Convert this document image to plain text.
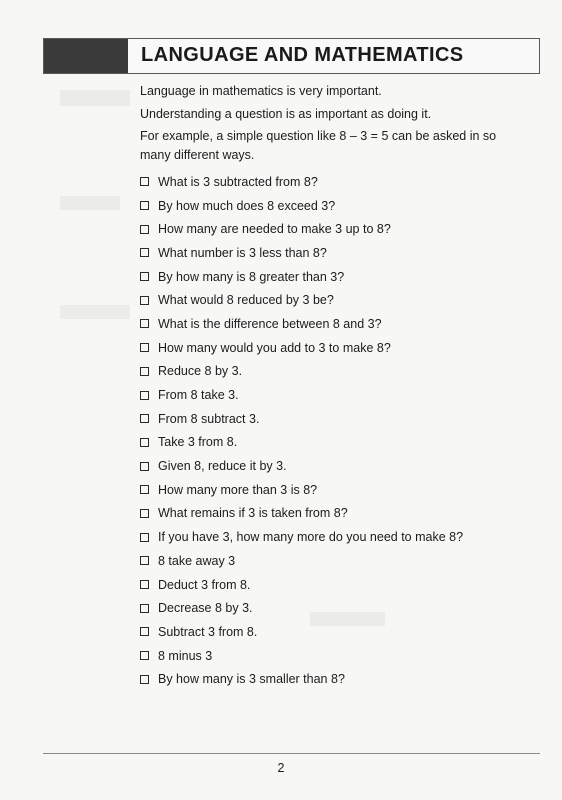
LANGUAGE AND MATHEMATICS
Language in mathematics is very important.
Understanding a question is as important as doing it.
For example, a simple question like 8 – 3 = 5 can be asked in so
many different ways.
What is 3 subtracted from 8?
By how much does 8 exceed 3?
How many are needed to make 3 up to 8?
What number is 3 less than 8?
By how many is 8 greater than 3?
What would 8 reduced by 3 be?
What is the difference between 8 and 3?
How many would you add to 3 to make 8?
Reduce 8 by 3.
From 8 take 3.
From 8 subtract 3.
Take 3 from 8.
Given 8, reduce it by 3.
How many more than 3 is 8?
What remains if 3 is taken from 8?
If you have 3, how many more do you need to make 8?
8 take away 3
Deduct 3 from 8.
Decrease 8 by 3.
Subtract 3 from 8.
8 minus 3
By how many is 3 smaller than 8?
2
